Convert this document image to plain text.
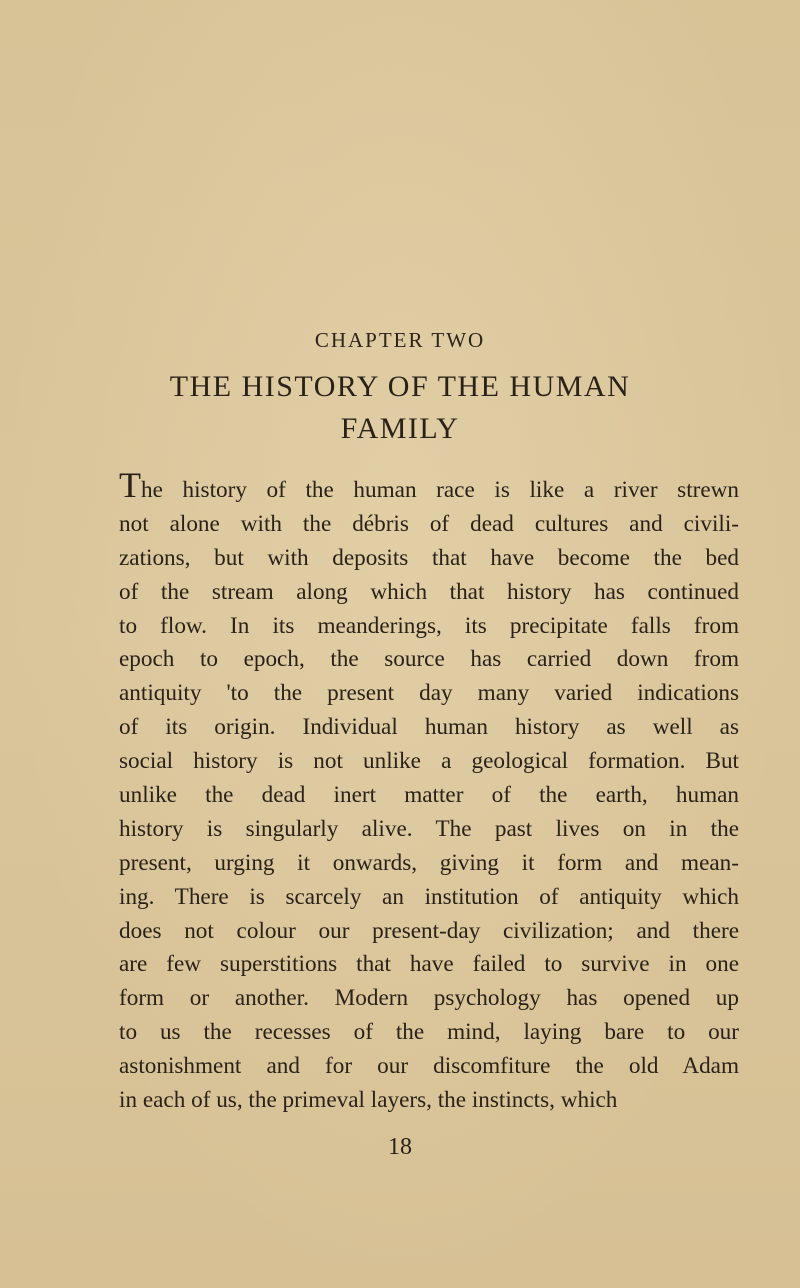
CHAPTER TWO
THE HISTORY OF THE HUMAN
FAMILY
The history of the human race is like a river strewn
not alone with the débris of dead cultures and civili-
zations, but with deposits that have become the bed
of the stream along which that history has continued
to flow. In its meanderings, its precipitate falls from
epoch to epoch, the source has carried down from
antiquity 'to the present day many varied indications
of its origin. Individual human history as well as
social history is not unlike a geological formation. But
unlike the dead inert matter of the earth, human
history is singularly alive. The past lives on in the
present, urging it onwards, giving it form and mean-
ing. There is scarcely an institution of antiquity which
does not colour our present-day civilization; and there
are few superstitions that have failed to survive in one
form or another. Modern psychology has opened up
to us the recesses of the mind, laying bare to our
astonishment and for our discomfiture the old Adam
in each of us, the primeval layers, the instincts, which
18
